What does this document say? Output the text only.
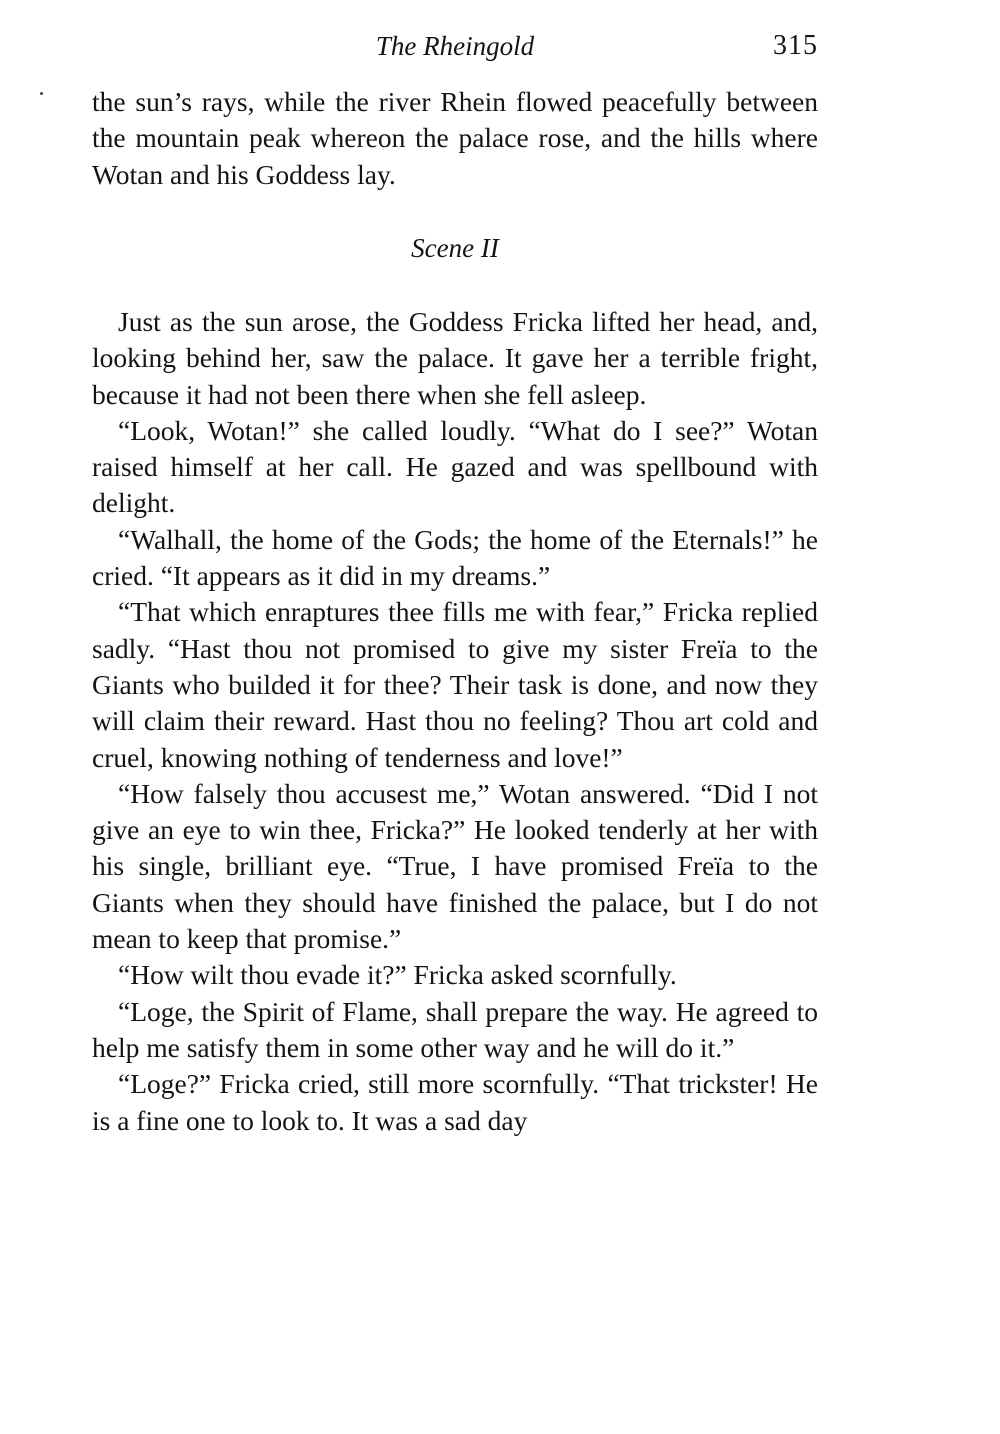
The Rheingold	315

the sun’s rays, while the river Rhein flowed peacefully between the mountain peak whereon the palace rose, and the hills where Wotan and his Goddess lay.

Scene II

Just as the sun arose, the Goddess Fricka lifted her head, and, looking behind her, saw the palace. It gave her a terrible fright, because it had not been there when she fell asleep.

“Look, Wotan!” she called loudly. “What do I see?” Wotan raised himself at her call. He gazed and was spellbound with delight.

“Walhall, the home of the Gods; the home of the Eternals!” he cried. “It appears as it did in my dreams.”

“That which enraptures thee fills me with fear,” Fricka replied sadly. “Hast thou not promised to give my sister Freïa to the Giants who builded it for thee? Their task is done, and now they will claim their reward. Hast thou no feeling? Thou art cold and cruel, knowing nothing of tenderness and love!”

“How falsely thou accusest me,” Wotan answered. “Did I not give an eye to win thee, Fricka?” He looked tenderly at her with his single, brilliant eye. “True, I have promised Freïa to the Giants when they should have finished the palace, but I do not mean to keep that promise.”

“How wilt thou evade it?” Fricka asked scornfully.

“Loge, the Spirit of Flame, shall prepare the way. He agreed to help me satisfy them in some other way and he will do it.”

“Loge?” Fricka cried, still more scornfully. “That trickster! He is a fine one to look to. It was a sad day
